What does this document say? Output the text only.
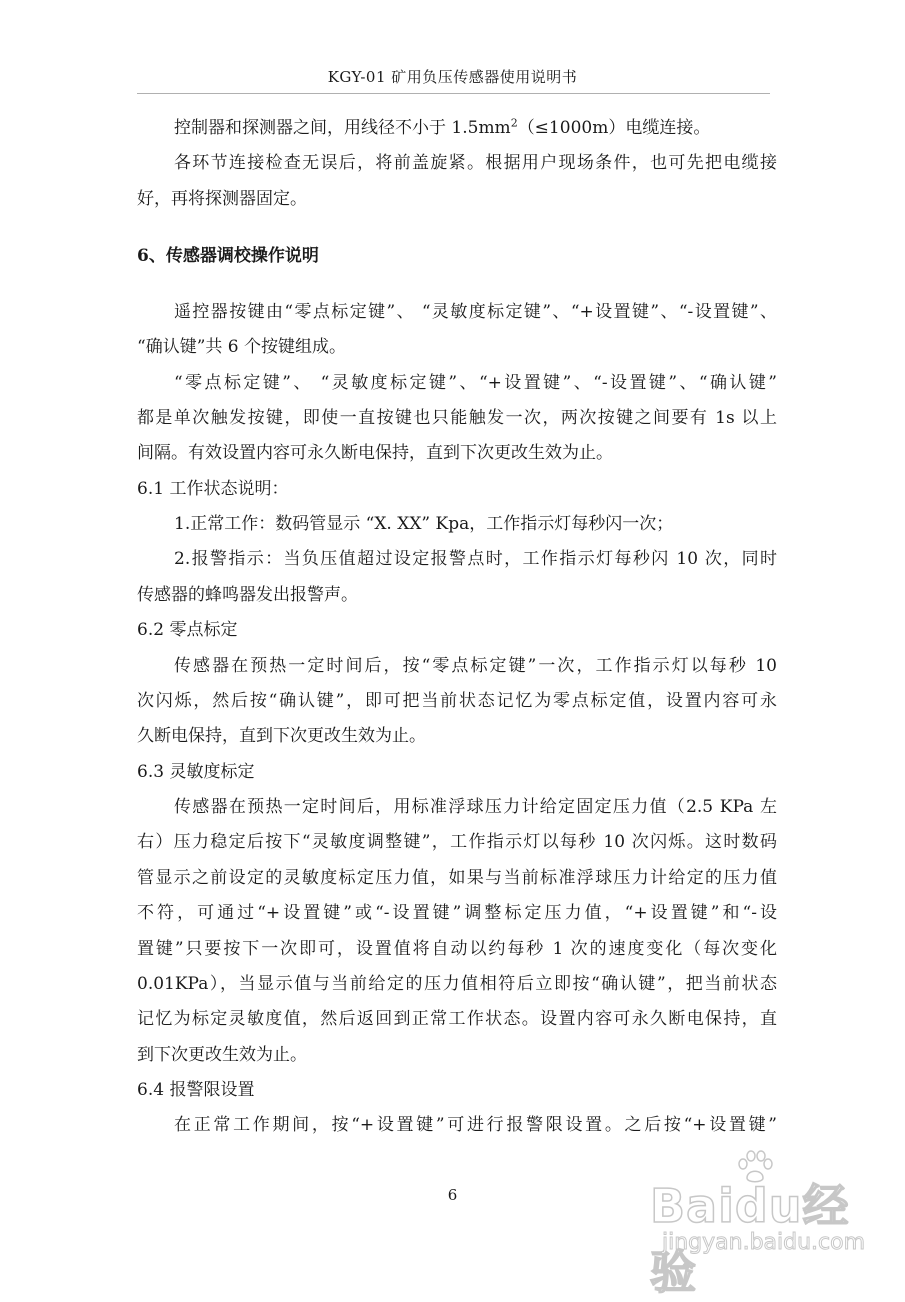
KGY-01 矿用负压传感器使用说明书
控制器和探测器之间，用线径不小于 $1.5mm^2(\le 1000m)$电缆连接。
各环节连接检查无误后，将前盖旋紧。根据用户现场条件，也可先把电缆接
好，再将探测器固定。
6、传感器调校操作说明
遥控器按键由“零点标定键”、 “灵敏度标定键”、“+设置键”、“-设置键”、
“确认键”共 6 个按键组成。
“零点标定键”、 “灵敏度标定键”、“+设置键”、“-设置键”、“确认键”
都是单次触发按键，即使一直按键也只能触发一次，两次按键之间要有 1s 以上
间隔。有效设置内容可永久断电保持，直到下次更改生效为止。
6.1 工作状态说明：
1.正常工作：数码管显示 “X. XX” Kpa，工作指示灯每秒闪一次；
2.报警指示：当负压值超过设定报警点时，工作指示灯每秒闪 10 次，同时
传感器的蜂鸣器发出报警声。
6.2 零点标定
传感器在预热一定时间后，按“零点标定键”一次，工作指示灯以每秒 10
次闪烁，然后按“确认键”，即可把当前状态记忆为零点标定值，设置内容可永
久断电保持，直到下次更改生效为止。
6.3 灵敏度标定
传感器在预热一定时间后，用标准浮球压力计给定固定压力值（2.5 KPa 左
右）压力稳定后按下“灵敏度调整键”，工作指示灯以每秒 10 次闪烁。这时数码
管显示之前设定的灵敏度标定压力值，如果与当前标准浮球压力计给定的压力值
不符，可通过“+设置键”或“-设置键”调整标定压力值，“+设置键”和“-设
置键”只要按下一次即可，设置值将自动以约每秒 1 次的速度变化（每次变化
0.01KPa），当显示值与当前给定的压力值相符后立即按“确认键”，把当前状态
记忆为标定灵敏度值，然后返回到正常工作状态。设置内容可永久断电保持，直
到下次更改生效为止。
6.4 报警限设置
在正常工作期间，按“+设置键”可进行报警限设置。之后按“+设置键”
6	Baidu经验
jingyan.baidu.com
